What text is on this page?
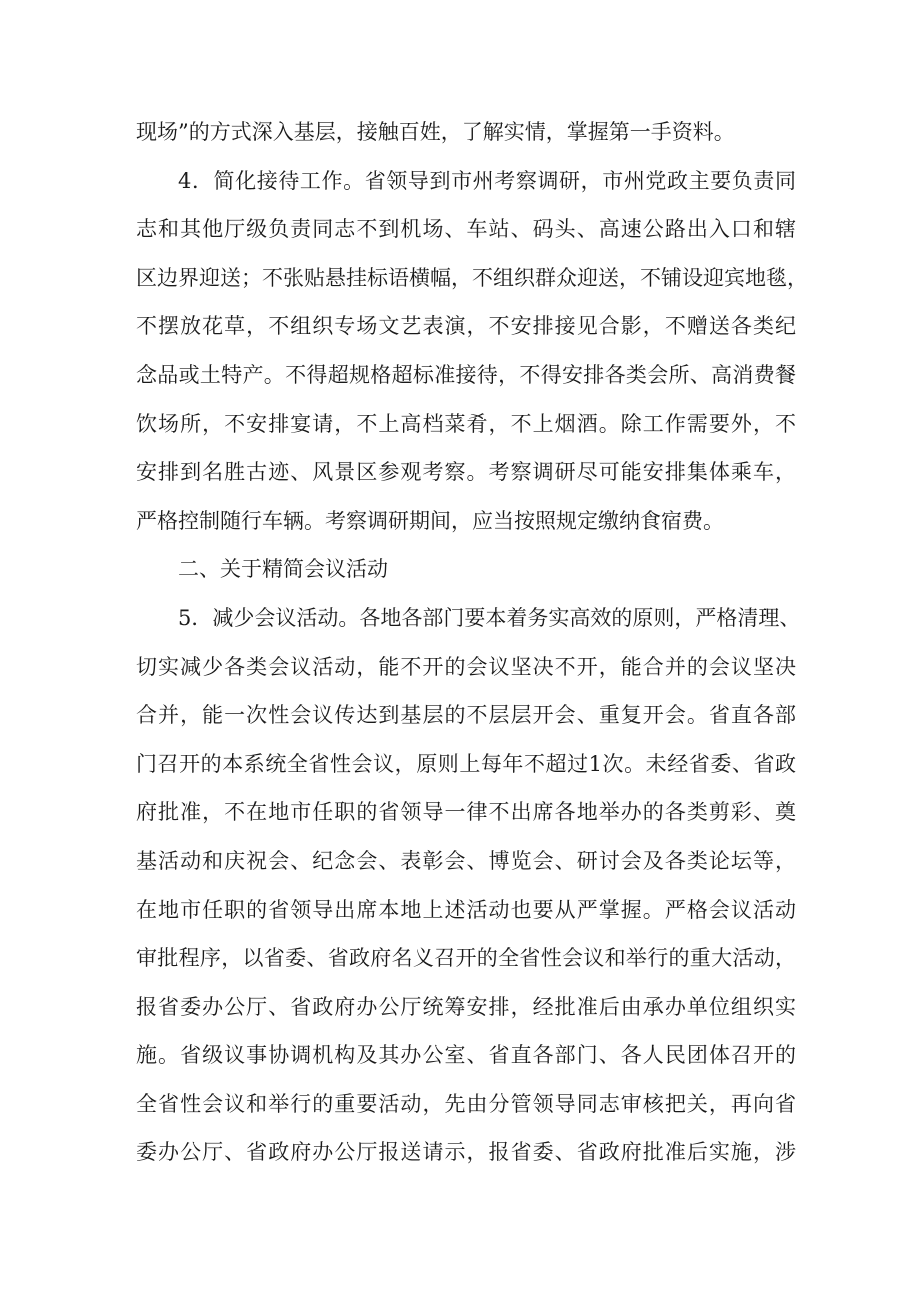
现场”的方式深入基层，接触百姓，了解实情，掌握第一手资料。
4．简化接待工作。省领导到市州考察调研，市州党政主要负责同
志和其他厅级负责同志不到机场、车站、码头、高速公路出入口和辖
区边界迎送；不张贴悬挂标语横幅，不组织群众迎送，不铺设迎宾地毯，
不摆放花草，不组织专场文艺表演，不安排接见合影，不赠送各类纪
念品或土特产。不得超规格超标准接待，不得安排各类会所、高消费餐
饮场所，不安排宴请，不上高档菜肴，不上烟酒。除工作需要外，不
安排到名胜古迹、风景区参观考察。考察调研尽可能安排集体乘车，
严格控制随行车辆。考察调研期间，应当按照规定缴纳食宿费。
二、关于精简会议活动
5．减少会议活动。各地各部门要本着务实高效的原则，严格清理、
切实减少各类会议活动，能不开的会议坚决不开，能合并的会议坚决
合并，能一次性会议传达到基层的不层层开会、重复开会。省直各部
门召开的本系统全省性会议，原则上每年不超过1次。未经省委、省政
府批准，不在地市任职的省领导一律不出席各地举办的各类剪彩、奠
基活动和庆祝会、纪念会、表彰会、博览会、研讨会及各类论坛等，
在地市任职的省领导出席本地上述活动也要从严掌握。严格会议活动
审批程序，以省委、省政府名义召开的全省性会议和举行的重大活动，
报省委办公厅、省政府办公厅统筹安排，经批准后由承办单位组织实
施。省级议事协调机构及其办公室、省直各部门、各人民团体召开的
全省性会议和举行的重要活动，先由分管领导同志审核把关，再向省
委办公厅、省政府办公厅报送请示，报省委、省政府批准后实施，涉
